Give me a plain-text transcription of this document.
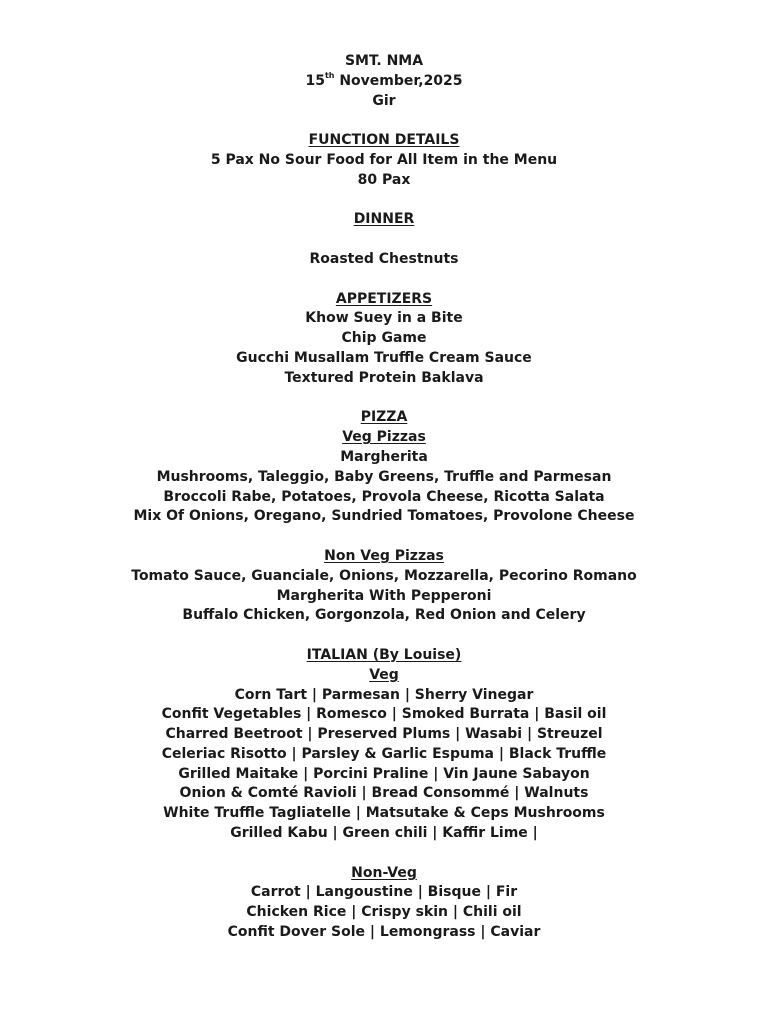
SMT. NMA
15th November,2025
Gir
FUNCTION DETAILS
5 Pax No Sour Food for All Item in the Menu
80 Pax
DINNER
Roasted Chestnuts
APPETIZERS
Khow Suey in a Bite
Chip Game
Gucchi Musallam Truffle Cream Sauce
Textured Protein Baklava
PIZZA
Veg Pizzas
Margherita
Mushrooms, Taleggio, Baby Greens, Truffle and Parmesan
Broccoli Rabe, Potatoes, Provola Cheese, Ricotta Salata
Mix Of Onions, Oregano, Sundried Tomatoes, Provolone Cheese
Non Veg Pizzas
Tomato Sauce, Guanciale, Onions, Mozzarella, Pecorino Romano
Margherita With Pepperoni
Buffalo Chicken, Gorgonzola, Red Onion and Celery
ITALIAN (By Louise)
Veg
Corn Tart | Parmesan | Sherry Vinegar
Confit Vegetables | Romesco | Smoked Burrata | Basil oil
Charred Beetroot | Preserved Plums | Wasabi | Streuzel
Celeriac Risotto | Parsley & Garlic Espuma | Black Truffle
Grilled Maitake | Porcini Praline | Vin Jaune Sabayon
Onion & Comté Ravioli | Bread Consommé | Walnuts
White Truffle Tagliatelle | Matsutake & Ceps Mushrooms
Grilled Kabu | Green chili | Kaffir Lime |
Non-Veg
Carrot | Langoustine | Bisque | Fir
Chicken Rice | Crispy skin | Chili oil
Confit Dover Sole | Lemongrass | Caviar
